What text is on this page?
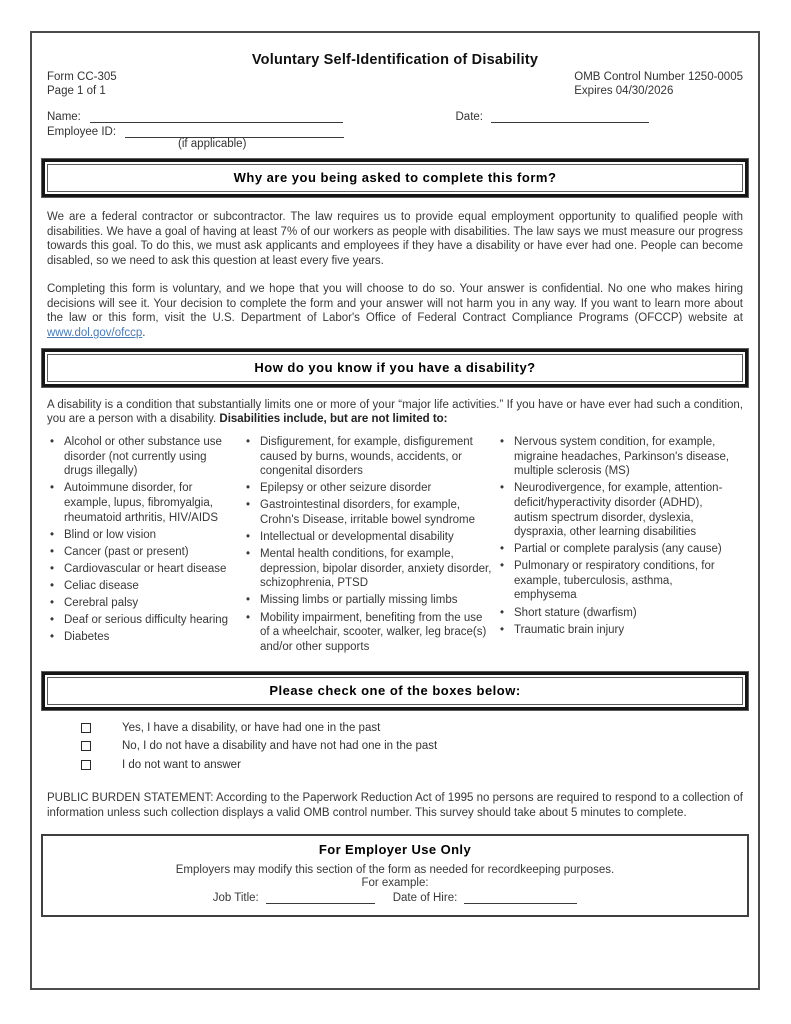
Voluntary Self-Identification of Disability
Form CC-305
Page 1 of 1
OMB Control Number 1250-0005
Expires 04/30/2026
Name:	Date:
Employee ID:
(if applicable)
Why are you being asked to complete this form?
We are a federal contractor or subcontractor. The law requires us to provide equal employment opportunity to qualified people with disabilities. We have a goal of having at least 7% of our workers as people with disabilities. The law says we must measure our progress towards this goal. To do this, we must ask applicants and employees if they have a disability or have ever had one. People can become disabled, so we need to ask this question at least every five years.
Completing this form is voluntary, and we hope that you will choose to do so. Your answer is confidential. No one who makes hiring decisions will see it. Your decision to complete the form and your answer will not harm you in any way. If you want to learn more about the law or this form, visit the U.S. Department of Labor's Office of Federal Contract Compliance Programs (OFCCP) website at www.dol.gov/ofccp.
How do you know if you have a disability?
A disability is a condition that substantially limits one or more of your “major life activities.” If you have or have ever had such a condition, you are a person with a disability. Disabilities include, but are not limited to:
• Alcohol or other substance use disorder (not currently using drugs illegally)
• Autoimmune disorder, for example, lupus, fibromyalgia, rheumatoid arthritis, HIV/AIDS
• Blind or low vision
• Cancer (past or present)
• Cardiovascular or heart disease
• Celiac disease
• Cerebral palsy
• Deaf or serious difficulty hearing
• Diabetes
• Disfigurement, for example, disfigurement caused by burns, wounds, accidents, or congenital disorders
• Epilepsy or other seizure disorder
• Gastrointestinal disorders, for example, Crohn's Disease, irritable bowel syndrome
• Intellectual or developmental disability
• Mental health conditions, for example, depression, bipolar disorder, anxiety disorder, schizophrenia, PTSD
• Missing limbs or partially missing limbs
• Mobility impairment, benefiting from the use of a wheelchair, scooter, walker, leg brace(s) and/or other supports
• Nervous system condition, for example, migraine headaches, Parkinson's disease, multiple sclerosis (MS)
• Neurodivergence, for example, attention-deficit/hyperactivity disorder (ADHD), autism spectrum disorder, dyslexia, dyspraxia, other learning disabilities
• Partial or complete paralysis (any cause)
• Pulmonary or respiratory conditions, for example, tuberculosis, asthma, emphysema
• Short stature (dwarfism)
• Traumatic brain injury
Please check one of the boxes below:
Yes, I have a disability, or have had one in the past
No, I do not have a disability and have not had one in the past
I do not want to answer
PUBLIC BURDEN STATEMENT: According to the Paperwork Reduction Act of 1995 no persons are required to respond to a collection of information unless such collection displays a valid OMB control number. This survey should take about 5 minutes to complete.
For Employer Use Only
Employers may modify this section of the form as needed for recordkeeping purposes.
For example:
Job Title:	Date of Hire:
